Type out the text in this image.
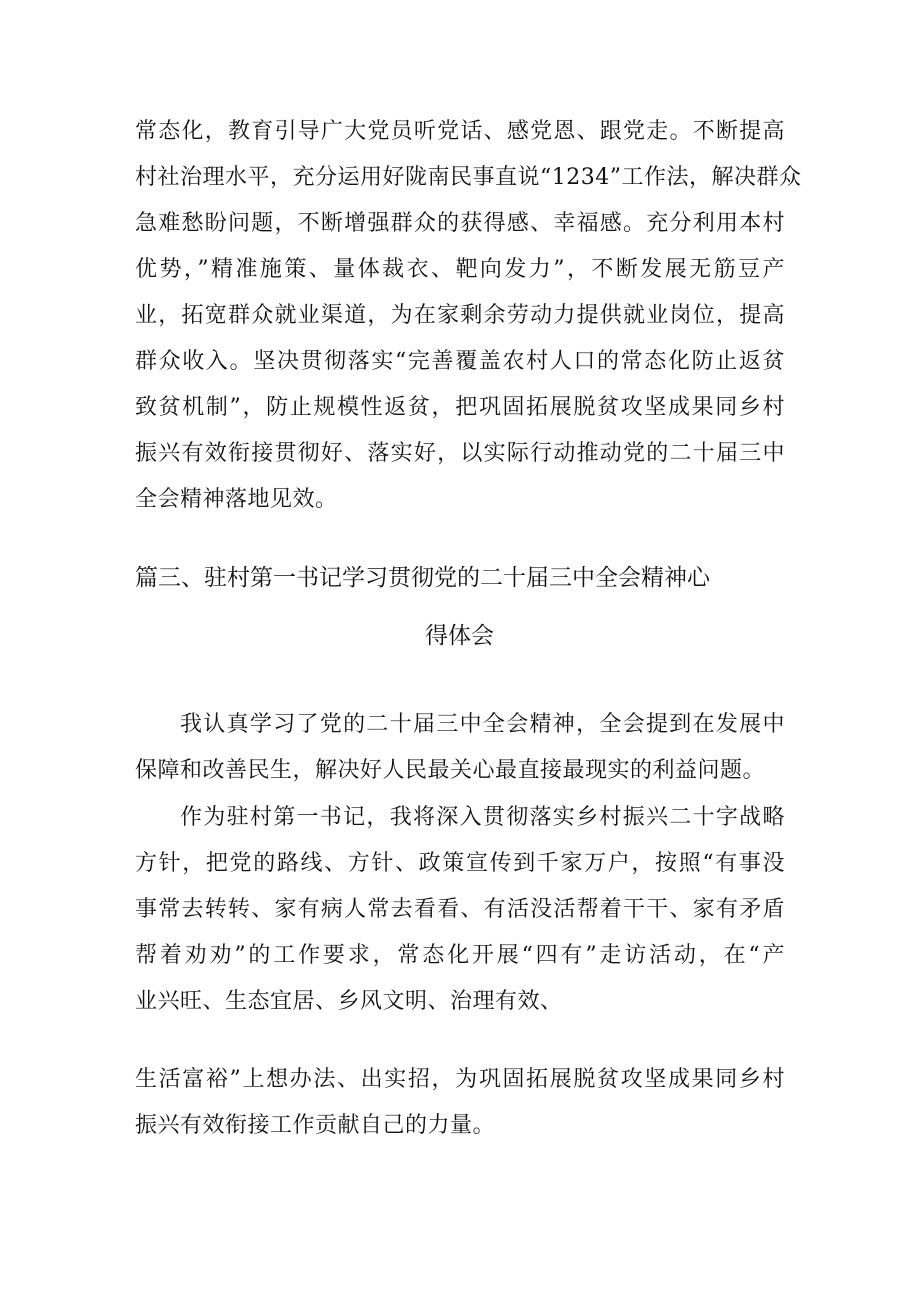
常态化，教育引导广大党员听党话、感党恩、跟党走。不断提高
村社治理水平，充分运用好陇南民事直说“1234”工作法，解决群众
急难愁盼问题，不断增强群众的获得感、幸福感。充分利用本村
优势，”精准施策、量体裁衣、靶向发力”，不断发展无筋豆产
业，拓宽群众就业渠道，为在家剩余劳动力提供就业岗位，提高
群众收入。坚决贯彻落实“完善覆盖农村人口的常态化防止返贫
致贫机制”，防止规模性返贫，把巩固拓展脱贫攻坚成果同乡村
振兴有效衔接贯彻好、落实好，以实际行动推动党的二十届三中
全会精神落地见效。
篇三、驻村第一书记学习贯彻党的二十届三中全会精神心
得体会
我认真学习了党的二十届三中全会精神，全会提到在发展中
保障和改善民生，解决好人民最关心最直接最现实的利益问题。
作为驻村第一书记，我将深入贯彻落实乡村振兴二十字战略
方针，把党的路线、方针、政策宣传到千家万户，按照“有事没
事常去转转、家有病人常去看看、有活没活帮着干干、家有矛盾
帮着劝劝”的工作要求，常态化开展“四有”走访活动，在“产
业兴旺、生态宜居、乡风文明、治理有效、
生活富裕”上想办法、出实招，为巩固拓展脱贫攻坚成果同乡村
振兴有效衔接工作贡献自己的力量。
